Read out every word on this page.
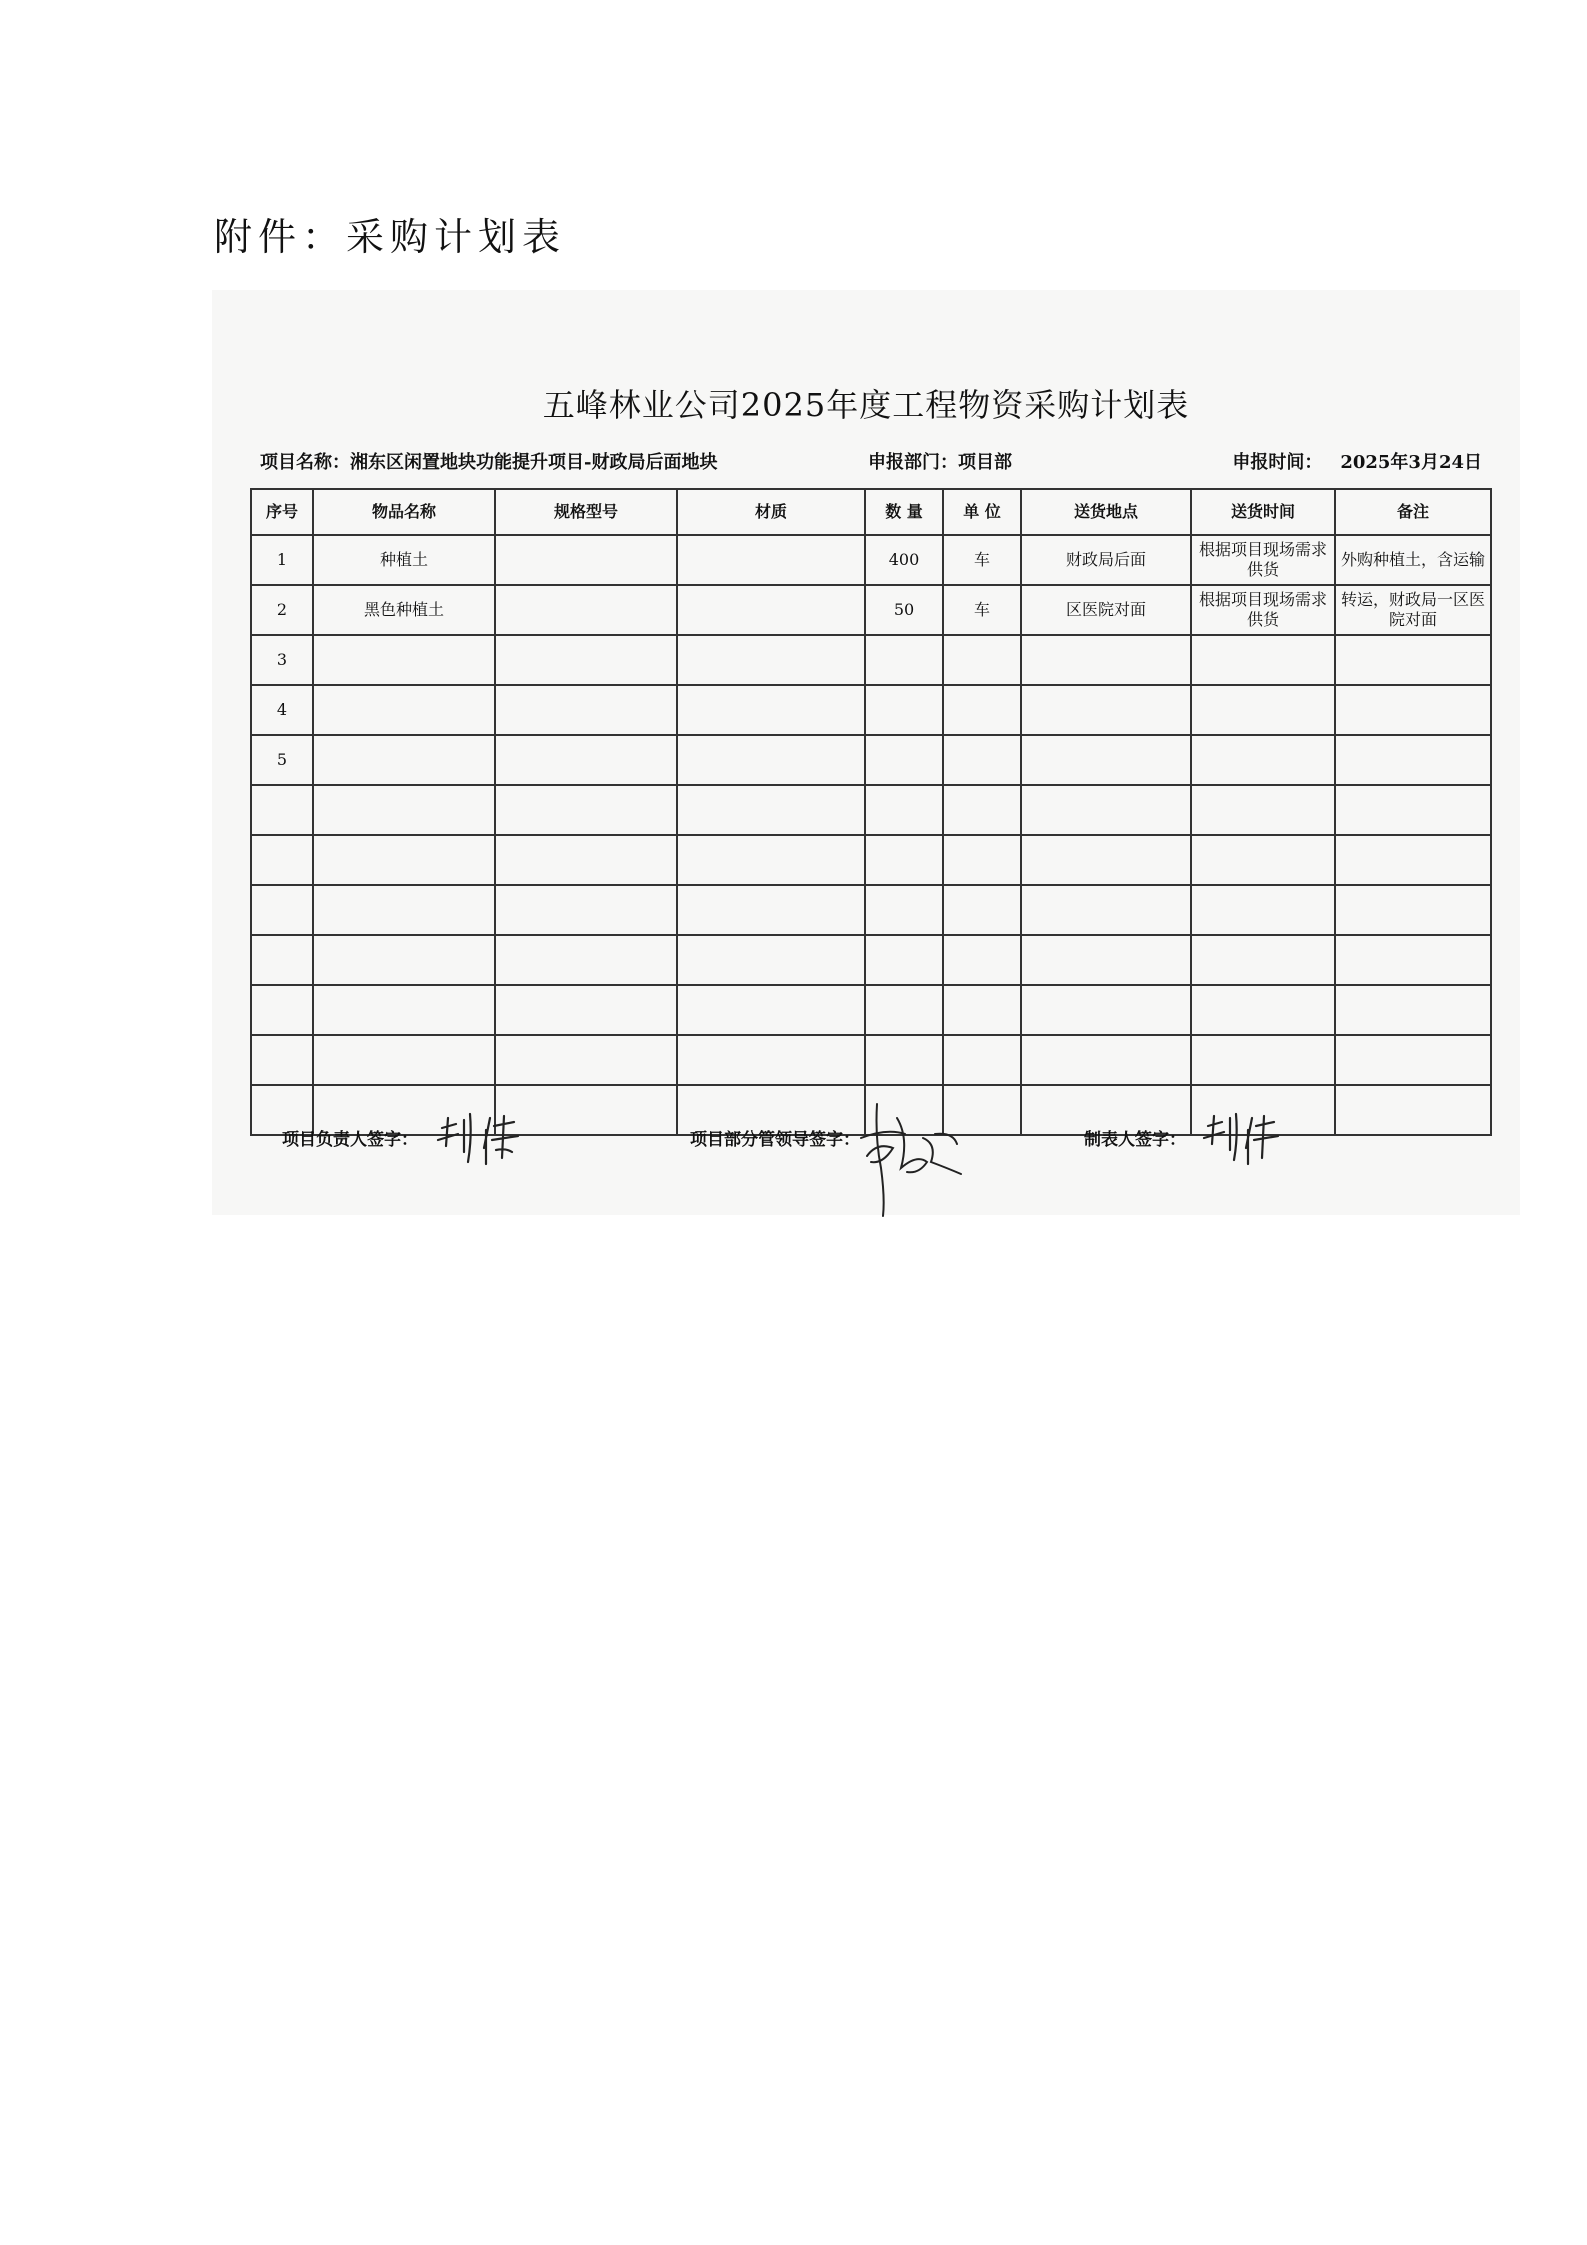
附件：采购计划表
五峰林业公司2025年度工程物资采购计划表
项目名称：湘东区闲置地块功能提升项目-财政局后面地块	申报部门：项目部	申报时间： 2025年3月24日
序号	物品名称	规格型号	材质	数 量	单 位	送货地点	送货时间	备注
1	种植土			400	车	财政局后面	根据项目现场需求供货	外购种植土，含运输
2	黑色种植土			50	车	区医院对面	根据项目现场需求供货	转运，财政局一区医院对面
3								
4								
5								

项目负责人签字：	项目部分管领导签字：	制表人签字：
